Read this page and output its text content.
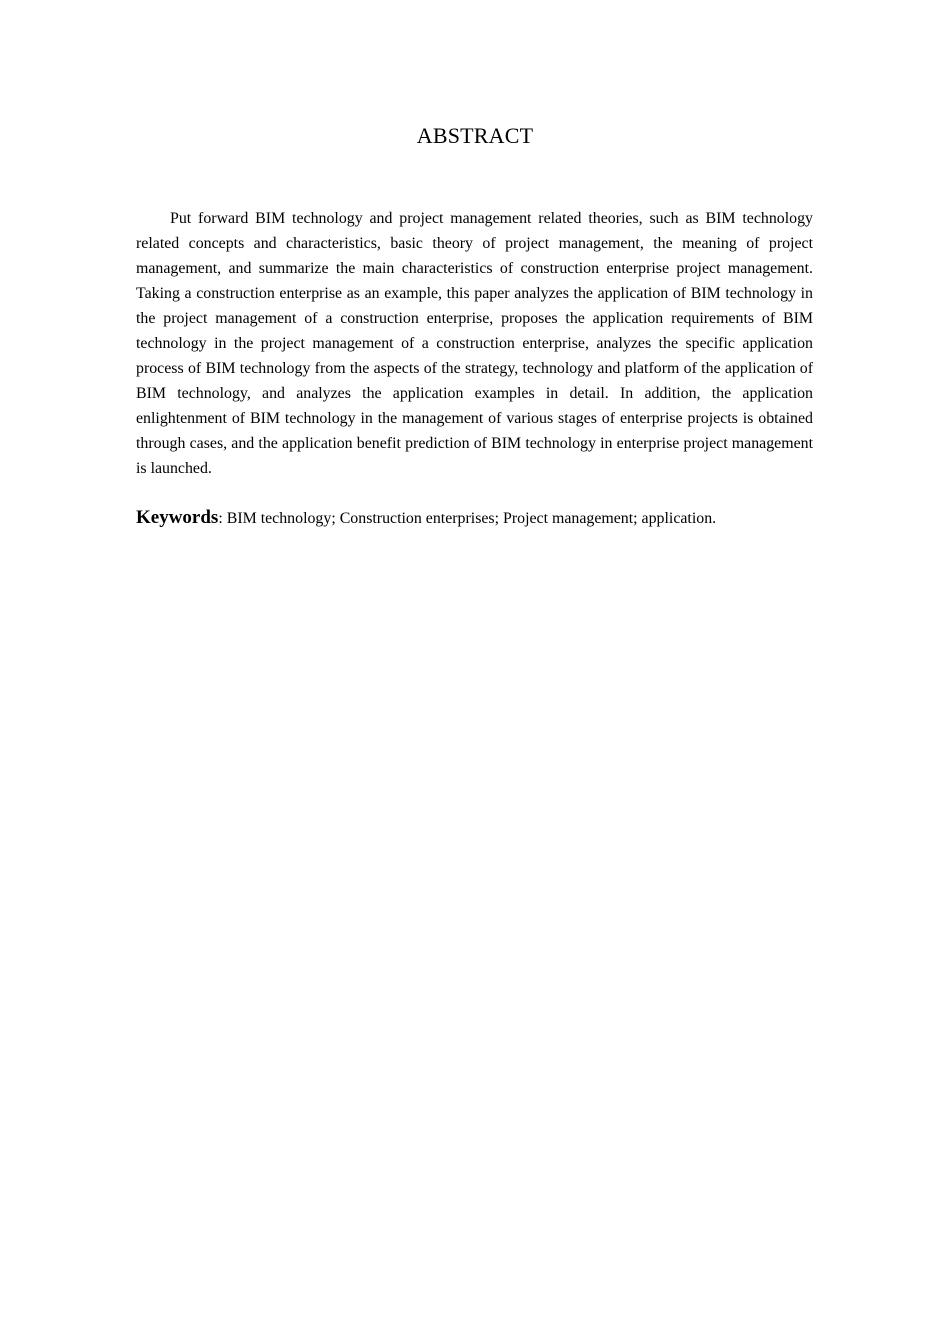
ABSTRACT

Put forward BIM technology and project management related theories, such as BIM technology related concepts and characteristics, basic theory of project management, the meaning of project management, and summarize the main characteristics of construction enterprise project management. Taking a construction enterprise as an example, this paper analyzes the application of BIM technology in the project management of a construction enterprise, proposes the application requirements of BIM technology in the project management of a construction enterprise, analyzes the specific application process of BIM technology from the aspects of the strategy, technology and platform of the application of BIM technology, and analyzes the application examples in detail. In addition, the application enlightenment of BIM technology in the management of various stages of enterprise projects is obtained through cases, and the application benefit prediction of BIM technology in enterprise project management is launched.

Keywords: BIM technology; Construction enterprises; Project management; application.
